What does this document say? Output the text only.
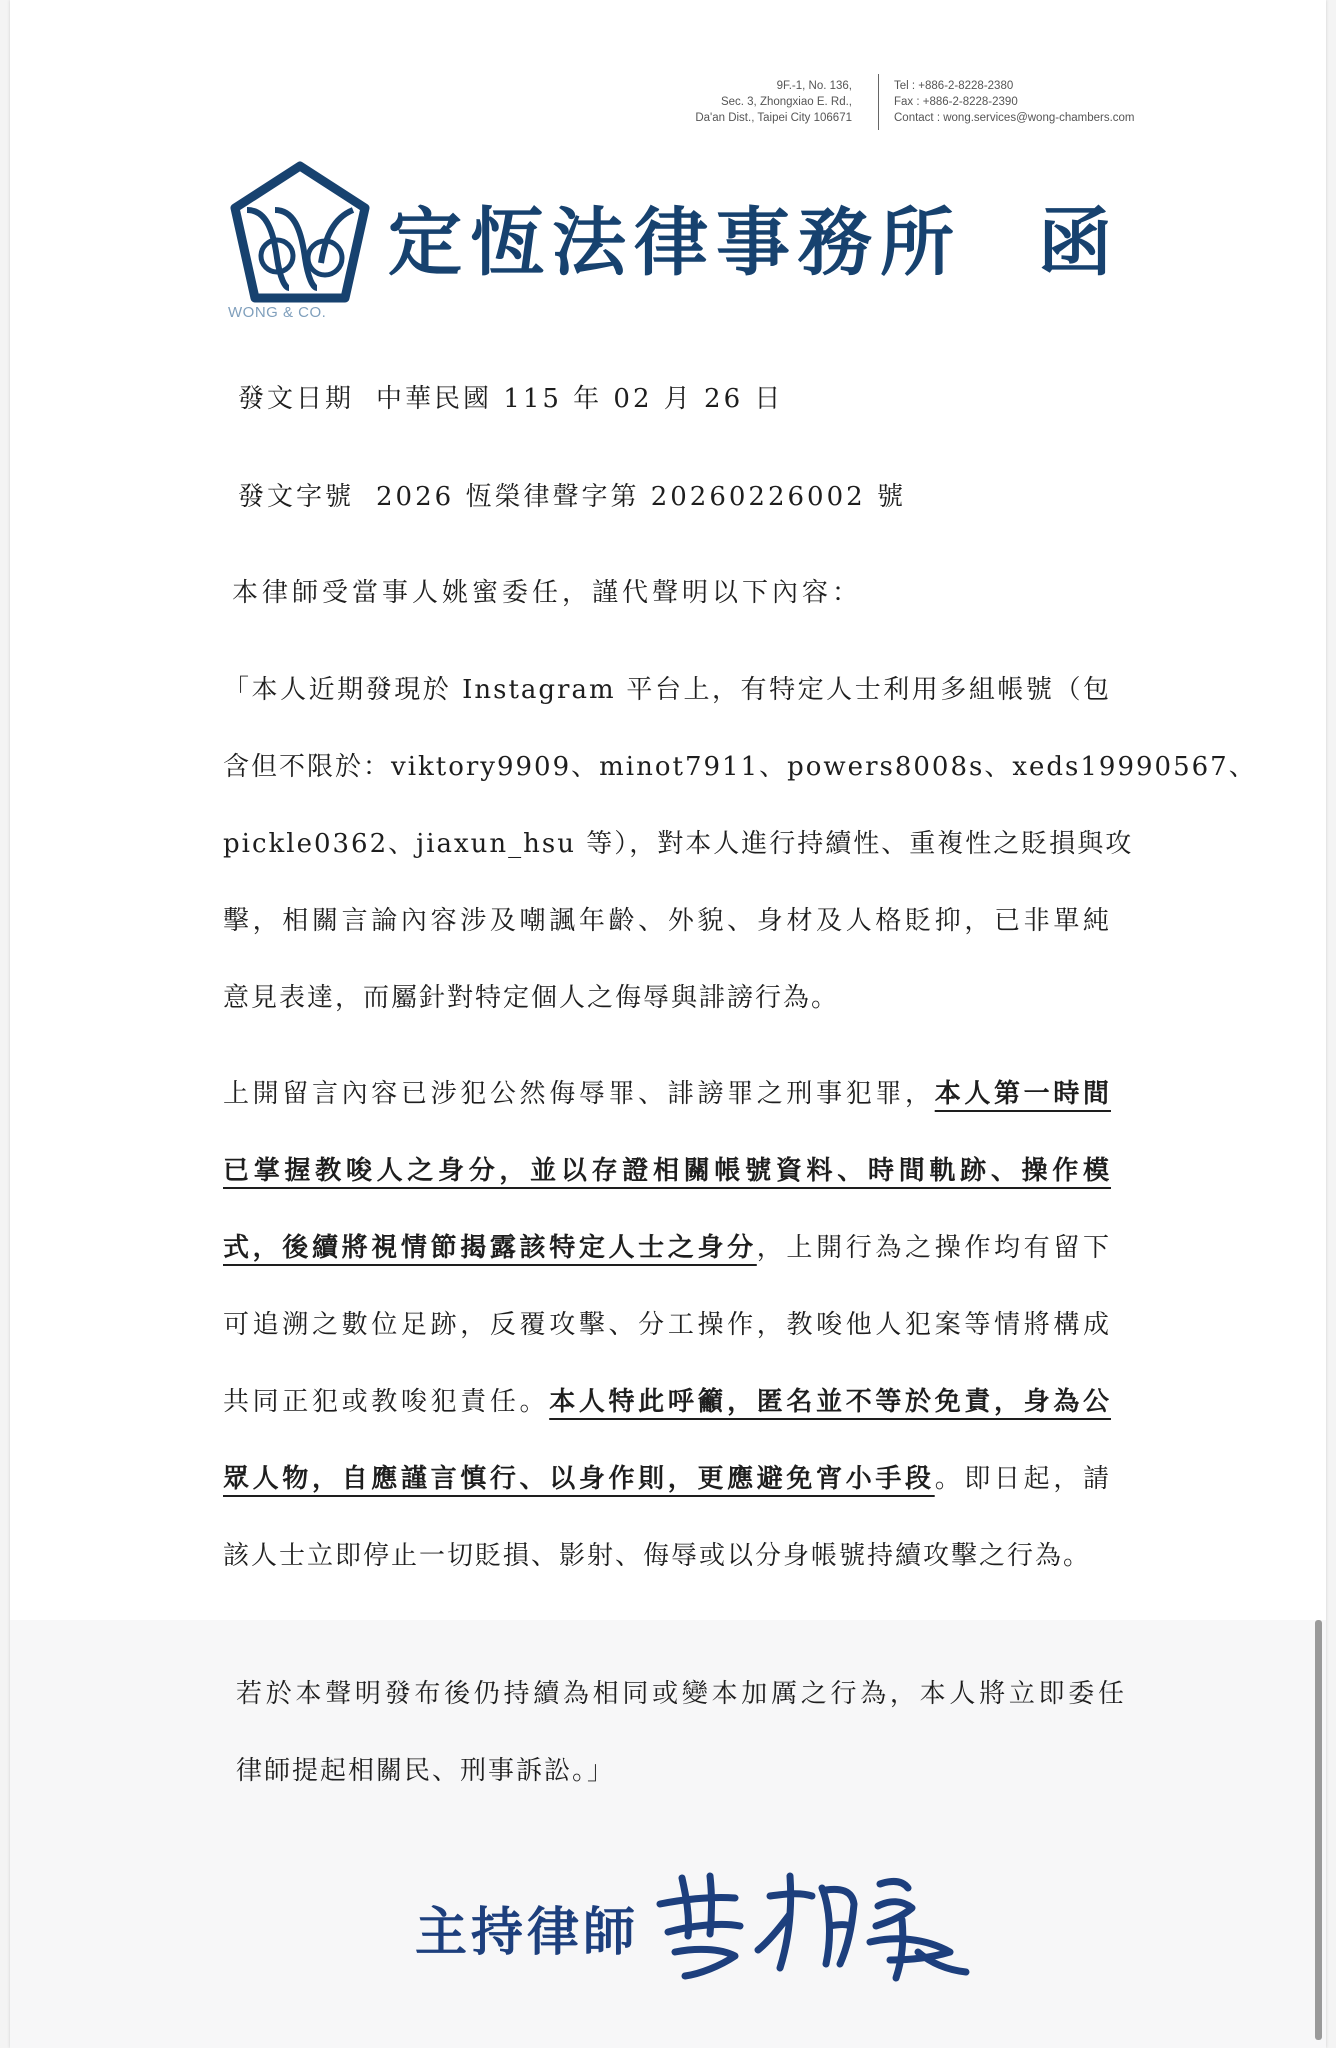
9F.-1, No. 136,
Sec. 3, Zhongxiao E. Rd.,
Da'an Dist., Taipei City 106671
Tel : +886-2-8228-2380
Fax : +886-2-8228-2390
Contact : wong.services@wong-chambers.com
WONG & CO.
定恆法律事務所 函
發文日期 中華民國 115 年 02 月 26 日
發文字號 2026 恆榮律聲字第 20260226002 號
本律師受當事人姚蜜委任，謹代聲明以下內容：
「本人近期發現於 Instagram 平台上，有特定人士利用多組帳號（包
含但不限於：viktory9909、minot7911、powers8008s、xeds19990567、
pickle0362、jiaxun_hsu 等），對本人進行持續性、重複性之貶損與攻
擊，相關言論內容涉及嘲諷年齡、外貌、身材及人格貶抑，已非單純
意見表達，而屬針對特定個人之侮辱與誹謗行為。
上開留言內容已涉犯公然侮辱罪、誹謗罪之刑事犯罪，本人第一時間
已掌握教唆人之身分，並以存證相關帳號資料、時間軌跡、操作模
式，後續將視情節揭露該特定人士之身分，上開行為之操作均有留下
可追溯之數位足跡，反覆攻擊、分工操作，教唆他人犯案等情將構成
共同正犯或教唆犯責任。本人特此呼籲，匿名並不等於免責，身為公
眾人物，自應謹言慎行、以身作則，更應避免宵小手段。即日起，請
該人士立即停止一切貶損、影射、侮辱或以分身帳號持續攻擊之行為。
若於本聲明發布後仍持續為相同或變本加厲之行為，本人將立即委任
律師提起相關民、刑事訴訟。」
主持律師
